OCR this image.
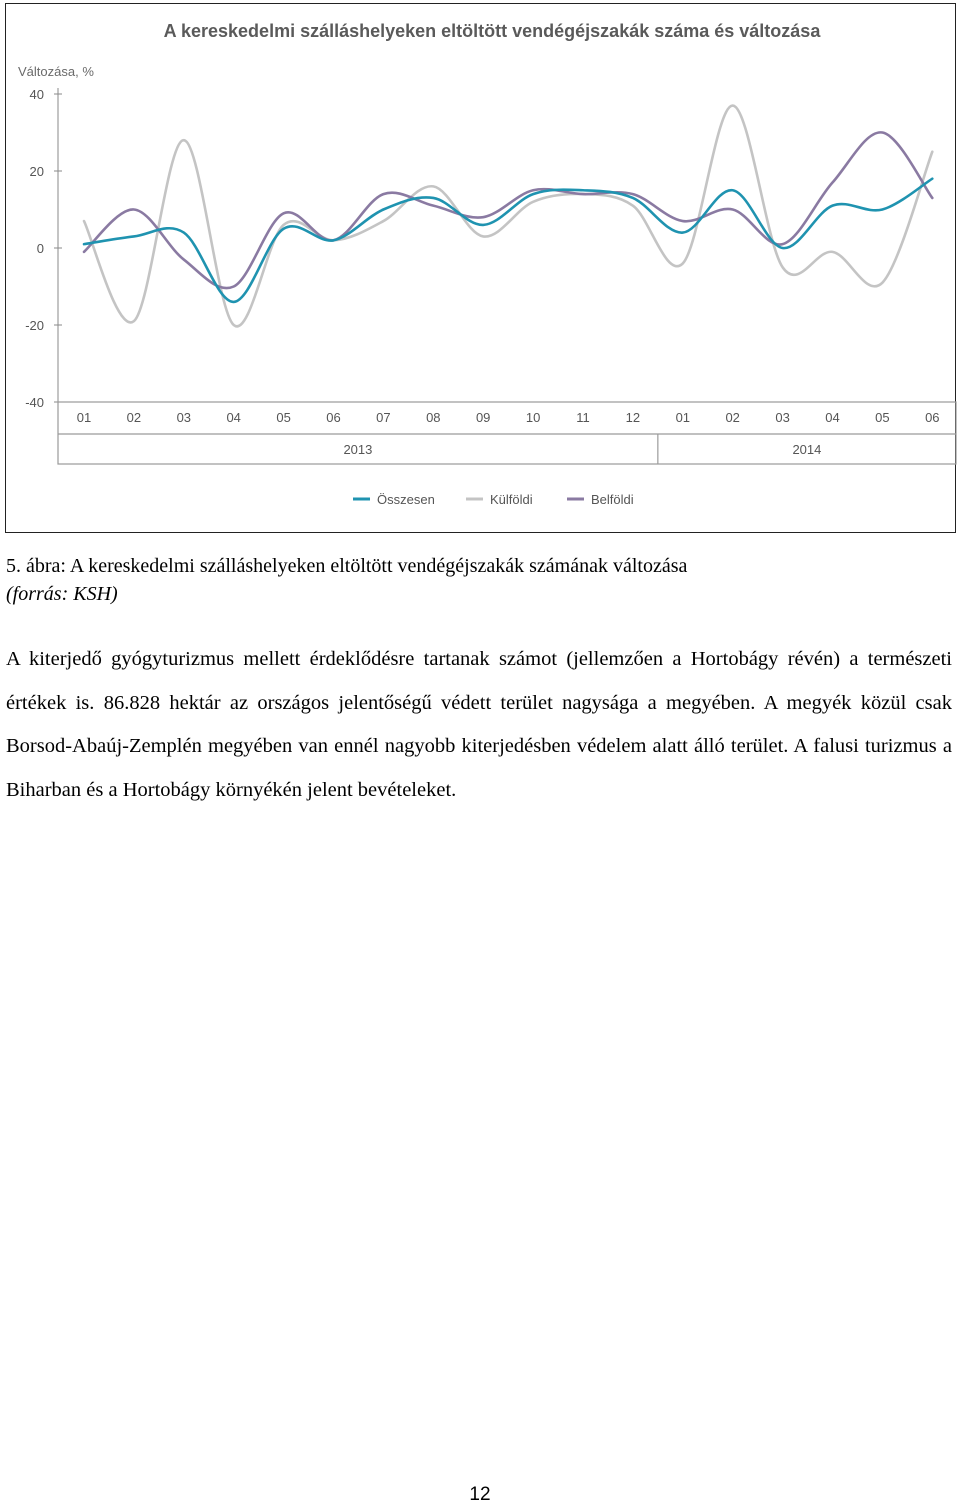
A kereskedelmi szálláshelyeken eltöltött vendégéjszakák száma és változása
Változása, %
40
20
0
-20
-40
01	02	03	04	05	06	07	08	09	10	11	12	01	02	03	04	05	06
2013	2014
Összesen	Külföldi	Belföldi
5. ábra: A kereskedelmi szálláshelyeken eltöltött vendégéjszakák számának változása
(forrás: KSH)

A kiterjedő gyógyturizmus mellett érdeklődésre tartanak számot (jellemzően a Hortobágy révén) a természeti értékek is. 86.828 hektár az országos jelentőségű védett terület nagysága a megyében. A megyék közül csak Borsod-Abaúj-Zemplén megyében van ennél nagyobb kiterjedésben védelem alatt álló terület. A falusi turizmus a Biharban és a Hortobágy környékén jelent bevételeket.

12
